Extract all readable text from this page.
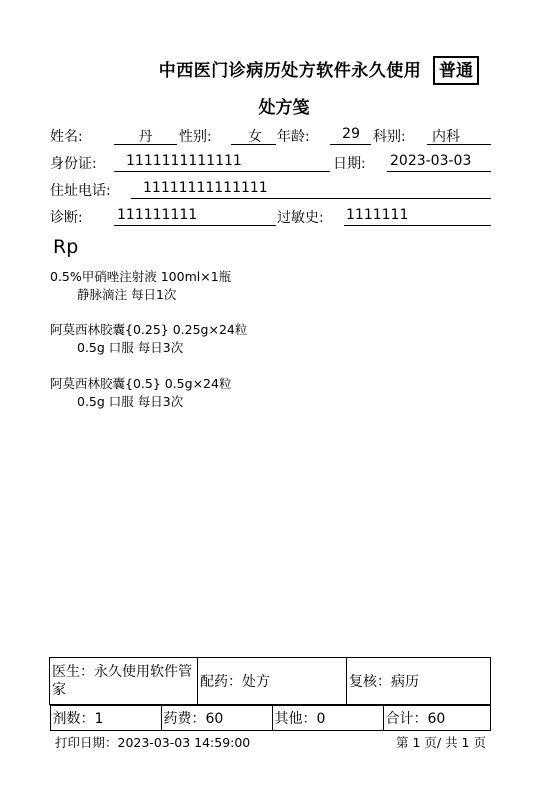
中西医门诊病历处方软件永久使用	普通
处方笺
姓名:	丹	性别:	女	年龄:	29 科别:	内科
身份证:	1111111111111	日期: 2023-03-03
住址电话:	11111111111111
诊断: 111111111	过敏史: 1111111
Rp
0.5%甲硝唑注射液 100ml×1瓶
静脉滴注 每日1次
阿莫西林胶囊{0.25} 0.25g×24粒
0.5g 口服 每日3次
阿莫西林胶囊{0.5} 0.5g×24粒
0.5g 口服 每日3次
医生：永久使用软件管家	配药：处方	复核：病历

剂数：1	药费：60	其他：0	合计：60
打印日期：2023-03-03 14:59:00	第 1 页/ 共 1 页
